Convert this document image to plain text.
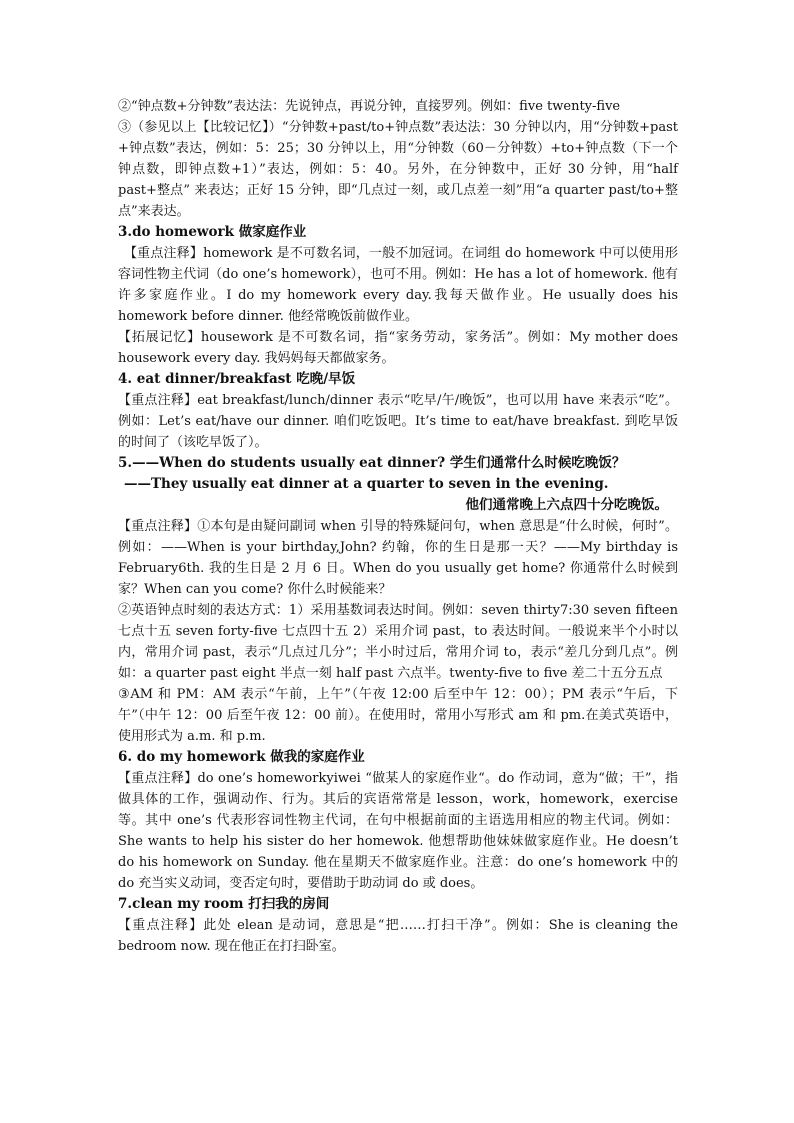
②“钟点数+分钟数”表达法：先说钟点，再说分钟，直接罗列。例如：five twenty-five

③（参见以上【比较记忆】）“分钟数+past/to+钟点数”表达法：30 分钟以内，用“分钟数+past +钟点数”表达，例如：5：25；30 分钟以上，用“分钟数（60－分钟数）+to+钟点数（下一个钟点数，即钟点数+1）”表达，例如：5：40。另外，在分钟数中，正好 30 分钟，用“half past+整点” 来表达；正好 15 分钟，即“几点过一刻，或几点差一刻”用“a quarter past/to+整点”来表达。

3.do homework 做家庭作业

【重点注释】homework 是不可数名词，一般不加冠词。在词组 do homework 中可以使用形容词性物主代词（do one’s homework），也可不用。例如：He has a lot of homework. 他有许多家庭作业。I do my homework every day.我每天做作业。He usually does his homework before dinner. 他经常晚饭前做作业。

【拓展记忆】housework 是不可数名词，指“家务劳动，家务活”。例如：My mother does housework every day. 我妈妈每天都做家务。

4. eat dinner/breakfast 吃晚/早饭

【重点注释】eat breakfast/lunch/dinner 表示“吃早/午/晚饭”，也可以用 have 来表示“吃”。例如：Let’s eat/have our dinner. 咱们吃饭吧。It’s time to eat/have breakfast. 到吃早饭的时间了（该吃早饭了）。

5.——When do students usually eat dinner? 学生们通常什么时候吃晚饭？

——They usually eat dinner at a quarter to seven in the evening.

他们通常晚上六点四十分吃晚饭。

【重点注释】①本句是由疑问副词 when 引导的特殊疑问句，when 意思是“什么时候，何时”。例如：——When is your birthday,John? 约翰，你的生日是那一天？——My birthday is February6th. 我的生日是 2 月 6 日。When do you usually get home? 你通常什么时候到家？When can you come? 你什么时候能来？

②英语钟点时刻的表达方式：1）采用基数词表达时间。例如：seven thirty7:30 seven fifteen 七点十五 seven forty-five 七点四十五 2）采用介词 past，to 表达时间。一般说来半个小时以内，常用介词 past，表示“几点过几分”；半小时过后，常用介词 to，表示“差几分到几点”。例如：a quarter past eight 半点一刻 half past 六点半。twenty-five to five 差二十五分五点

③AM 和 PM：AM 表示“午前，上午”（午夜 12:00 后至中午 12：00）；PM 表示“午后，下午”（中午 12：00 后至午夜 12：00 前）。在使用时，常用小写形式 am 和 pm.在美式英语中，使用形式为 a.m. 和 p.m.

6. do my homework 做我的家庭作业

【重点注释】do one’s homeworkyiwei “做某人的家庭作业“。do 作动词，意为“做；干”，指做具体的工作，强调动作、行为。其后的宾语常常是 lesson，work，homework，exercise 等。其中 one’s 代表形容词性物主代词，在句中根据前面的主语选用相应的物主代词。例如：She wants to help his sister do her homewok. 他想帮助他妹妹做家庭作业。He doesn’t do his homework on Sunday. 他在星期天不做家庭作业。注意：do one’s homework 中的 do 充当实义动词，变否定句时，要借助于助动词 do 或 does。

7.clean my room 打扫我的房间

【重点注释】此处 elean 是动词，意思是“把……打扫干净”。例如：She is cleaning the bedroom now. 现在他正在打扫卧室。
